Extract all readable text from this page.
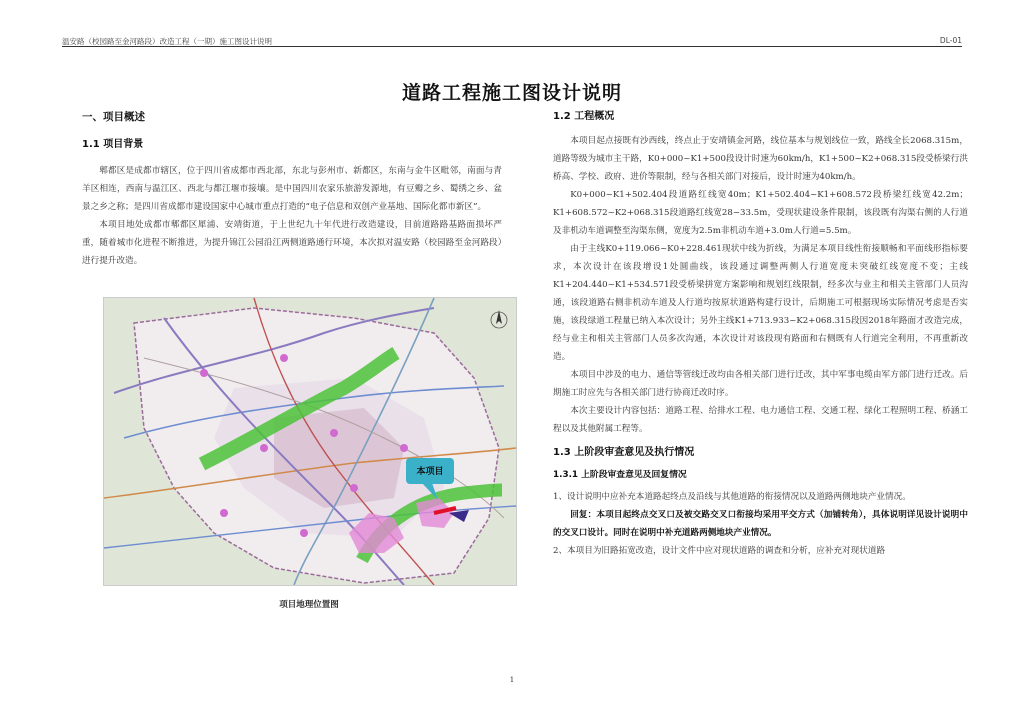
温安路（校园路至金河路段）改造工程（一期）施工图设计说明	DL-01
道路工程施工图设计说明
一、项目概述
1.1 项目背景

郫都区是成都市辖区，位于四川省成都市西北部，东北与彭州市、新都区，东南与金牛区毗邻，南面与青羊区相连，西南与温江区、西北与都江堰市接壤。是中国四川农家乐旅游发源地，有豆瓣之乡、蜀绣之乡、盆景之乡之称；是四川省成都市建设国家中心城市重点打造的“电子信息和双创产业基地、国际化都市新区”。

本项目地处成都市郫都区犀浦、安靖街道，于上世纪九十年代进行改造建设，目前道路路基路面损坏严重，随着城市化进程不断推进，为提升锦江公园沿江两侧道路通行环境，本次拟对温安路（校园路至金河路段）进行提升改造。

本项目
项目地理位置图
1.2 工程概况

本项目起点接既有沙西线，终点止于安靖镇金河路，线位基本与规划线位一致，路线全长2068.315m，道路等级为城市主干路，K0+000~K1+500段设计时速为60km/h，K1+500~K2+068.315段受桥梁行洪桥高、学校、政府、进价等限制，经与各相关部门对接后，设计时速为40km/h。

K0+000~K1+502.404段道路红线宽40m；K1+502.404~K1+608.572段桥梁红线宽42.2m；K1+608.572~K2+068.315段道路红线宽28~33.5m，受现状建设条件限制，该段既有沟渠右侧的人行道及非机动车道调整至沟渠东侧，宽度为2.5m非机动车道+3.0m人行道=5.5m。

由于主线K0+119.066~K0+228.461现状中线为折线，为满足本项目线性衔接顺畅和平面线形指标要求，本次设计在该段增设1处圆曲线，该段通过调整两侧人行道宽度未突破红线宽度不变；主线K1+204.440~K1+534.571段受桥梁拼宽方案影响和规划红线限制，经多次与业主和相关主管部门人员沟通，该段道路右侧非机动车道及人行道均按原状道路构建行设计，后期施工可根据现场实际情况考虑是否实施，该段绿道工程量已纳入本次设计；另外主线K1+713.933~K2+068.315段因2018年路面才改造完成，经与业主和相关主管部门人员多次沟通，本次设计对该段现有路面和右侧既有人行道完全利用，不再重新改造。

本项目中涉及的电力、通信等管线迁改均由各相关部门进行迁改，其中军事电缆由军方部门进行迁改。后期施工时应先与各相关部门进行协商迁改时序。

本次主要设计内容包括：道路工程、给排水工程、电力通信工程、交通工程、绿化工程照明工程、桥涵工程以及其他附属工程等。

1.3 上阶段审查意见及执行情况
1.3.1 上阶段审查意见及回复情况

1、设计说明中应补充本道路起终点及沿线与其他道路的衔接情况以及道路两侧地块产业情况。

回复：本项目起终点交叉口及被交路交叉口衔接均采用平交方式（加铺转角），具体说明详见设计说明中的交叉口设计。同时在说明中补充道路两侧地块产业情况。

2、本项目为旧路拓宽改造，设计文件中应对现状道路的调查和分析，应补充对现状道路

1
